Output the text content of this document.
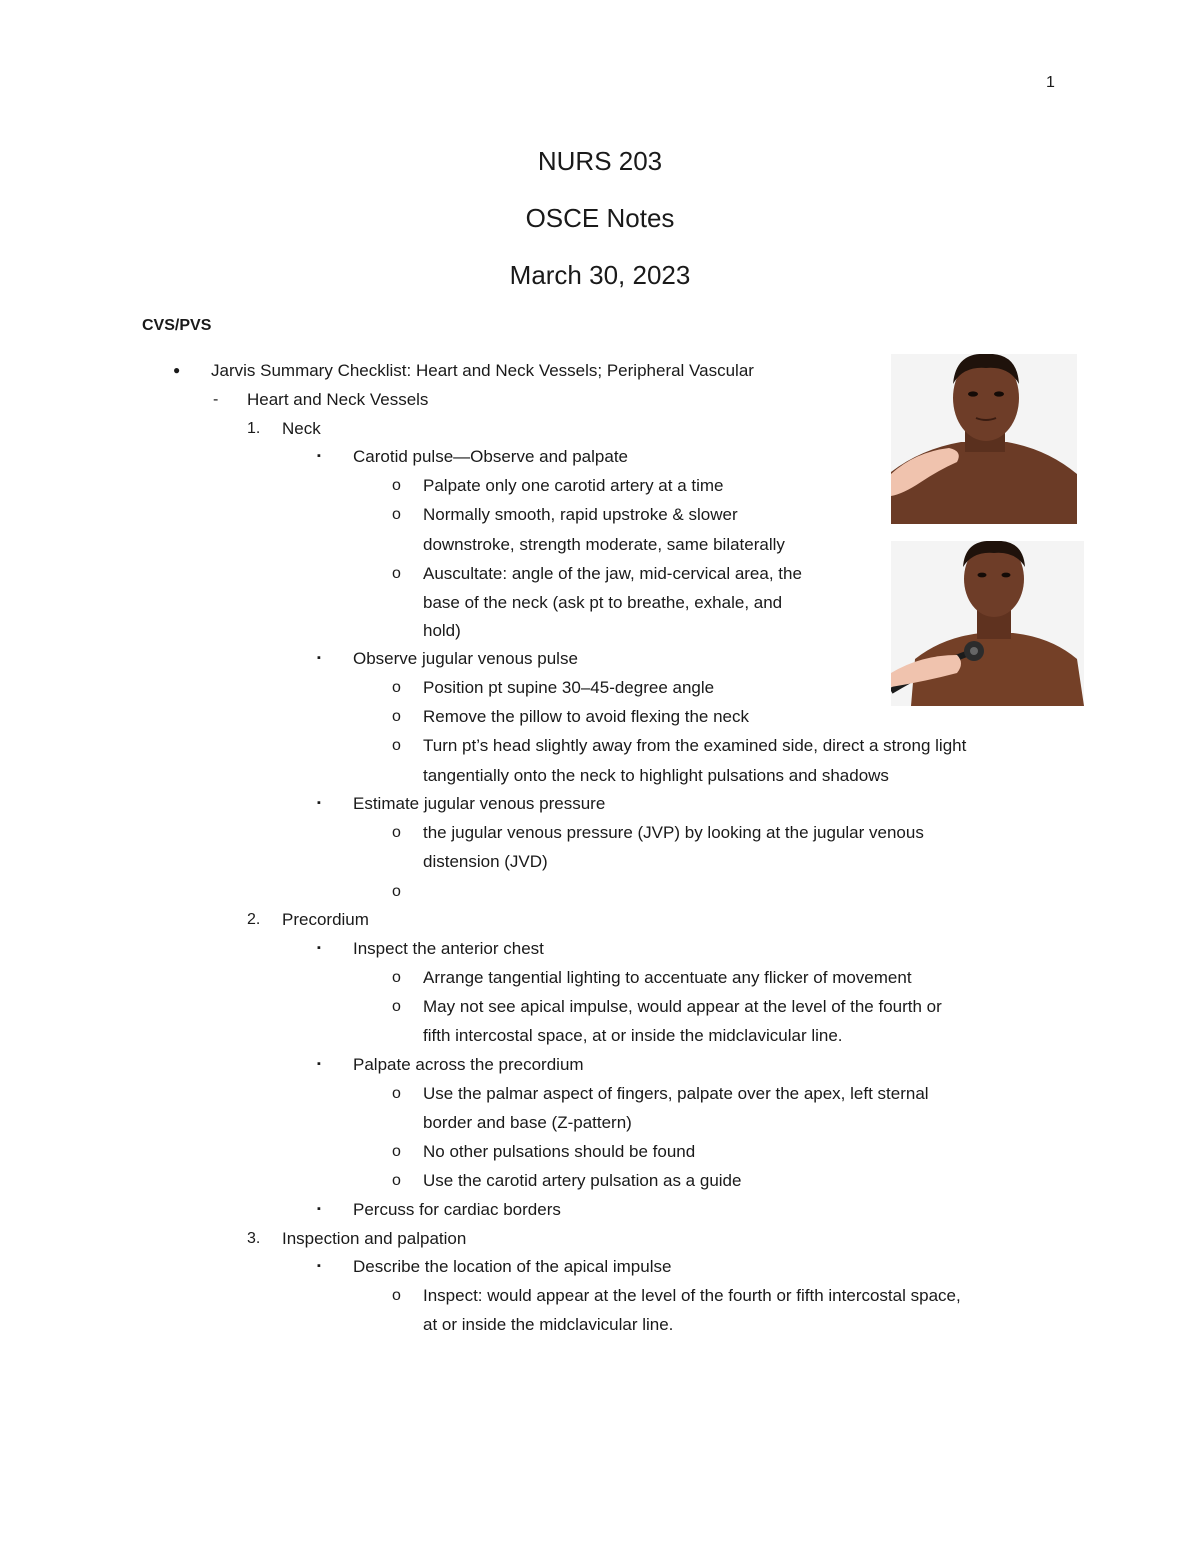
1
NURS 203
OSCE Notes
March 30, 2023
CVS/PVS
● Jarvis Summary Checklist: Heart and Neck Vessels; Peripheral Vascular
- Heart and Neck Vessels
1. Neck
▪ Carotid pulse—Observe and palpate
o Palpate only one carotid artery at a time
o Normally smooth, rapid upstroke & slower
downstroke, strength moderate, same bilaterally
o Auscultate: angle of the jaw, mid-cervical area, the
base of the neck (ask pt to breathe, exhale, and
hold)
▪ Observe jugular venous pulse
o Position pt supine 30–45-degree angle
o Remove the pillow to avoid flexing the neck
o Turn pt’s head slightly away from the examined side, direct a strong light
tangentially onto the neck to highlight pulsations and shadows
▪ Estimate jugular venous pressure
o the jugular venous pressure (JVP) by looking at the jugular venous
distension (JVD)
o
2. Precordium
▪ Inspect the anterior chest
o Arrange tangential lighting to accentuate any flicker of movement
o May not see apical impulse, would appear at the level of the fourth or
fifth intercostal space, at or inside the midclavicular line.
▪ Palpate across the precordium
o Use the palmar aspect of fingers, palpate over the apex, left sternal
border and base (Z-pattern)
o No other pulsations should be found
o Use the carotid artery pulsation as a guide
▪ Percuss for cardiac borders
3. Inspection and palpation
▪ Describe the location of the apical impulse
o Inspect: would appear at the level of the fourth or fifth intercostal space,
at or inside the midclavicular line.
